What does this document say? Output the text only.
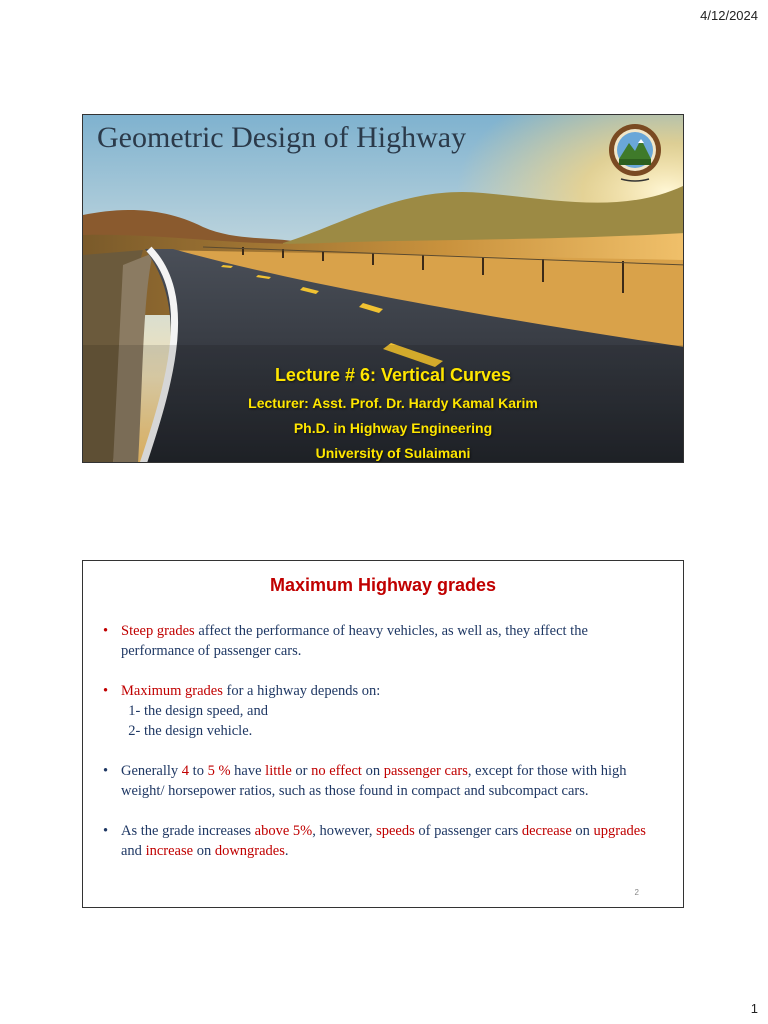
4/12/2024
Geometric Design of Highway
Lecture # 6: Vertical Curves
Lecturer: Asst. Prof. Dr. Hardy Kamal Karim
Ph.D. in Highway Engineering
University of Sulaimani
Maximum Highway grades
• Steep grades affect the performance of heavy vehicles, as well as, they affect the performance of passenger cars.
• Maximum grades for a highway depends on:
1- the design speed, and
2- the design vehicle.
• Generally 4 to 5 % have little or no effect on passenger cars, except for those with high weight/ horsepower ratios, such as those found in compact and subcompact cars.
• As the grade increases above 5%, however, speeds of passenger cars decrease on upgrades and increase on downgrades.
2
1
